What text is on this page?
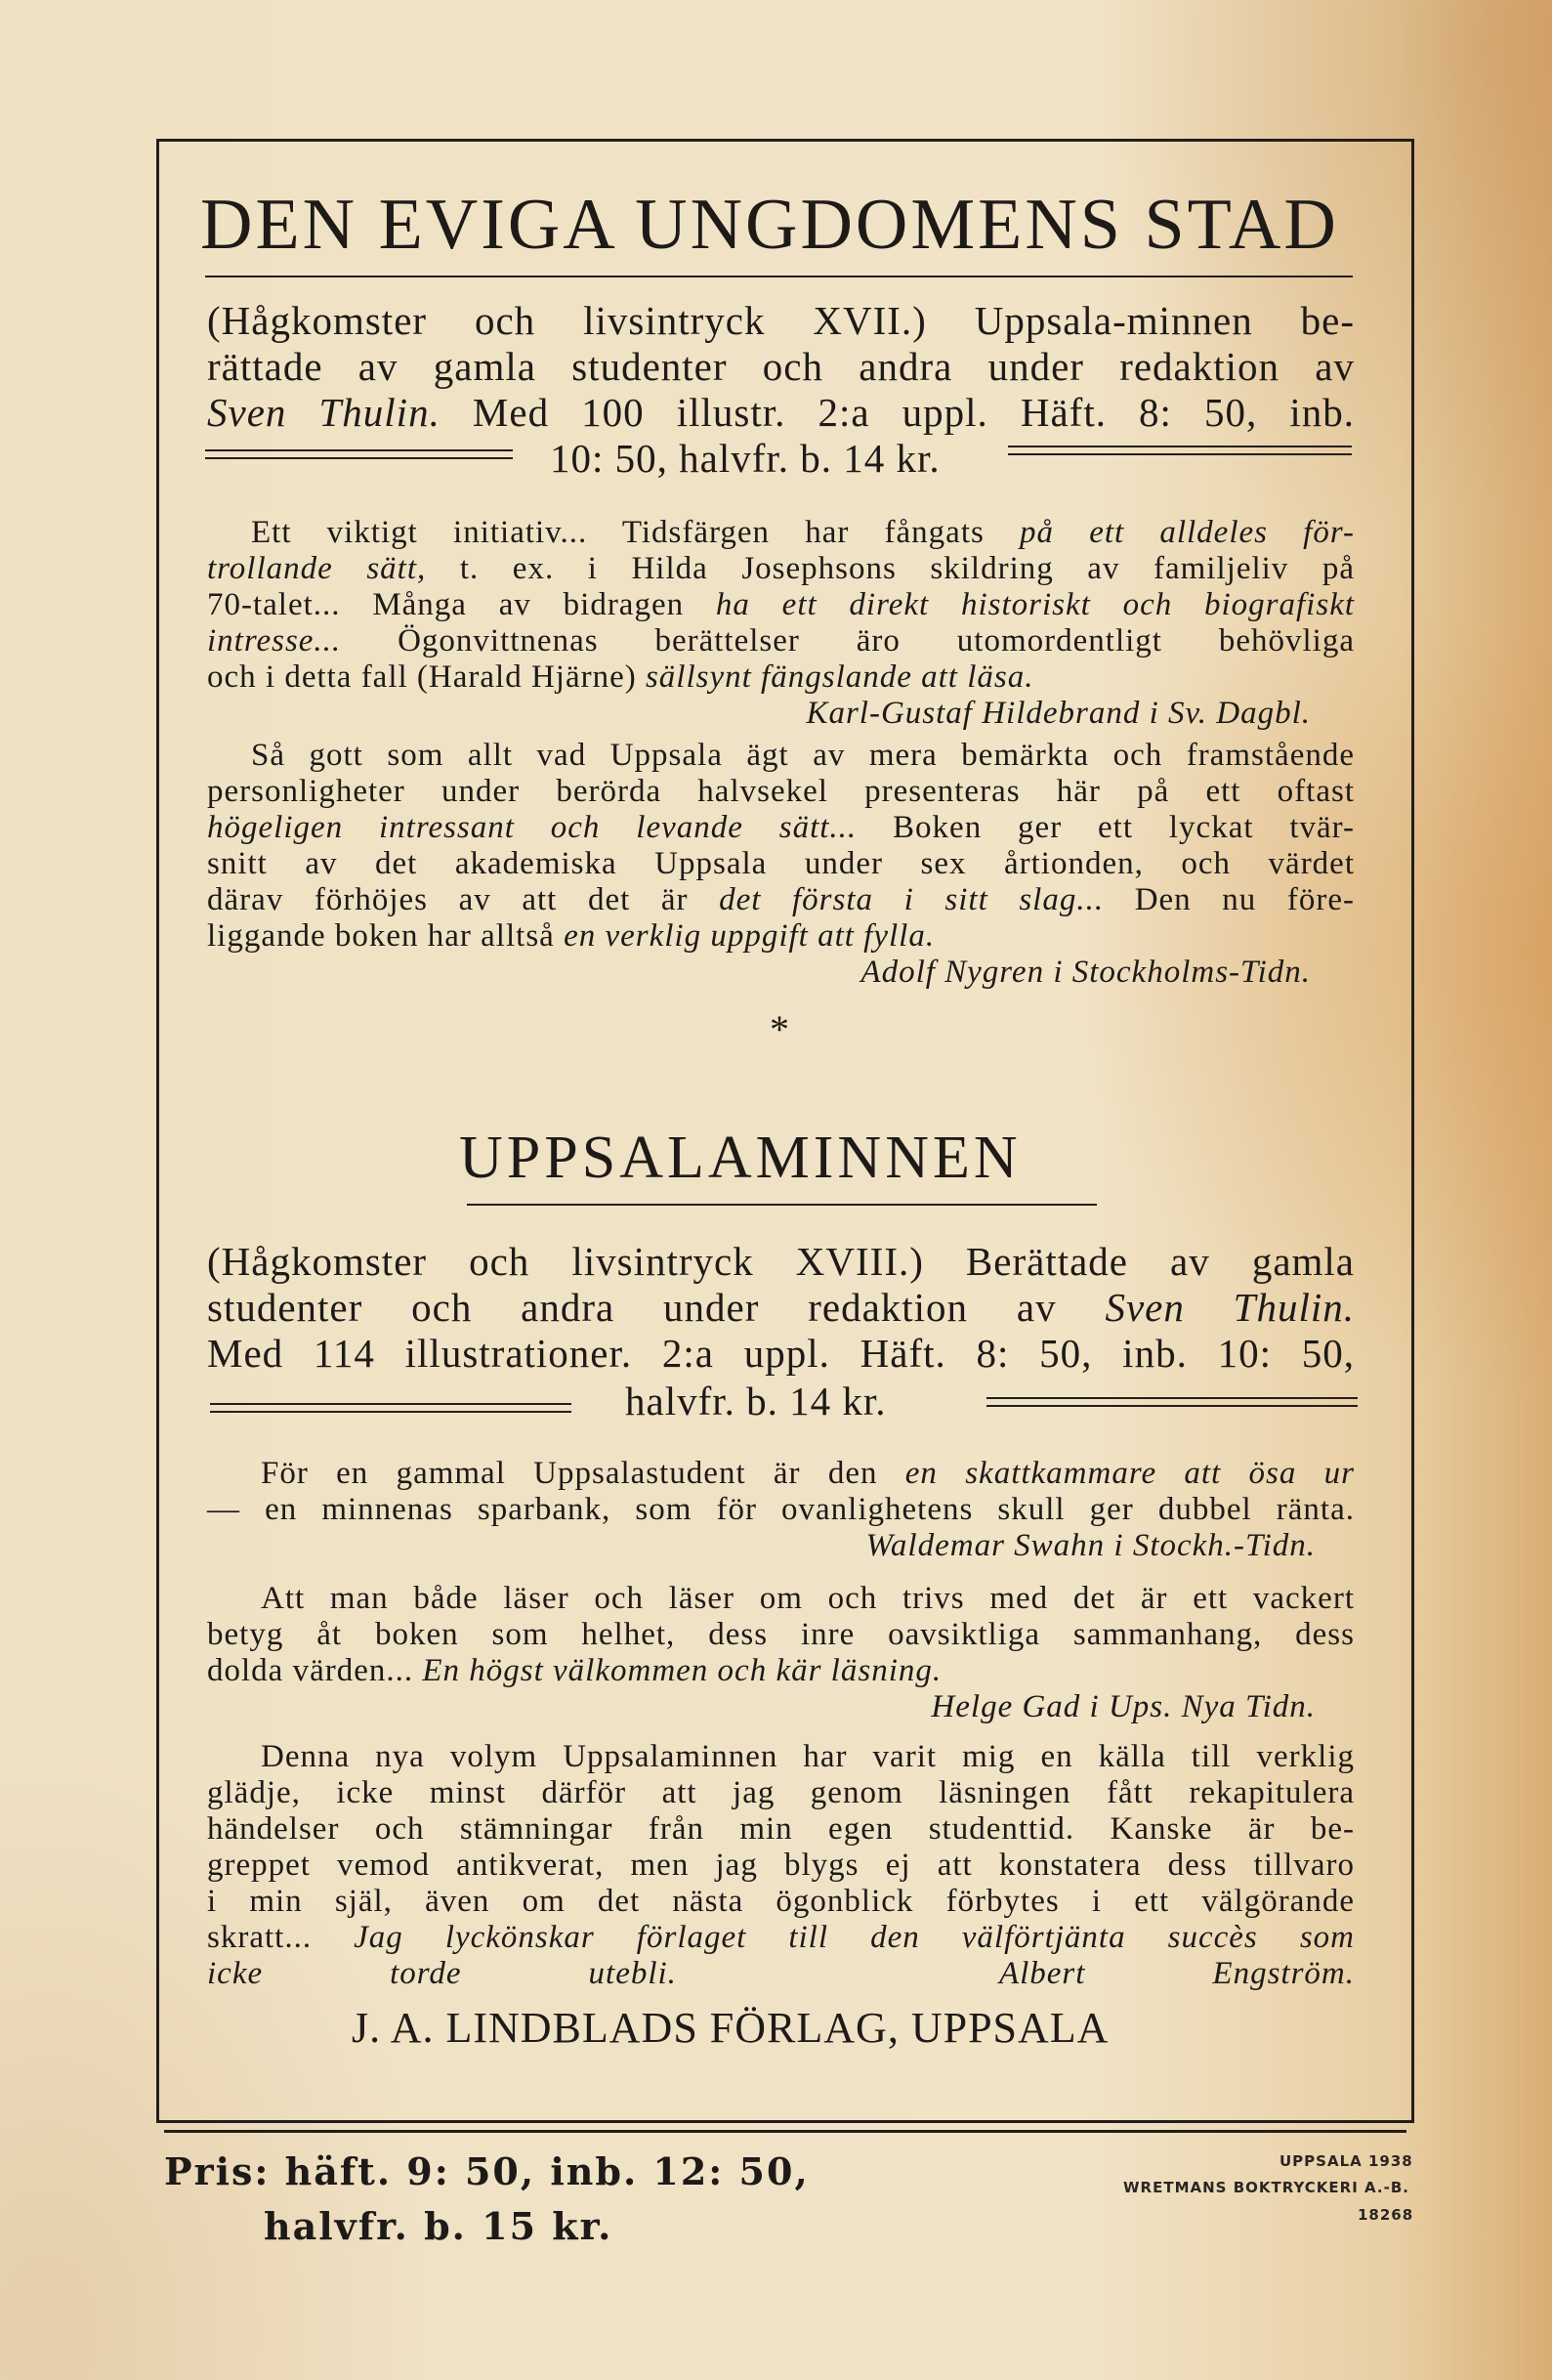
DEN EVIGA UNGDOMENS STAD
(Hågkomster och livsintryck XVII.) Uppsala-minnen be-
rättade av gamla studenter och andra under redaktion av
Sven Thulin. Med 100 illustr. 2:a uppl. Häft. 8: 50, inb.
10: 50, halvfr. b. 14 kr.
Ett viktigt initiativ... Tidsfärgen har fångats på ett alldeles för-
trollande sätt, t. ex. i Hilda Josephsons skildring av familjeliv på
70-talet... Många av bidragen ha ett direkt historiskt och biografiskt
intresse... Ögonvittnenas berättelser äro utomordentligt behövliga
och i detta fall (Harald Hjärne) sällsynt fängslande att läsa.
Karl-Gustaf Hildebrand i Sv. Dagbl.
Så gott som allt vad Uppsala ägt av mera bemärkta och framstående
personligheter under berörda halvsekel presenteras här på ett oftast
högeligen intressant och levande sätt... Boken ger ett lyckat tvär-
snitt av det akademiska Uppsala under sex årtionden, och värdet
därav förhöjes av att det är det första i sitt slag... Den nu före-
liggande boken har alltså en verklig uppgift att fylla.
Adolf Nygren i Stockholms-Tidn.
*
UPPSALAMINNEN
(Hågkomster och livsintryck XVIII.) Berättade av gamla
studenter och andra under redaktion av Sven Thulin.
Med 114 illustrationer. 2:a uppl. Häft. 8: 50, inb. 10: 50,
halvfr. b. 14 kr.
För en gammal Uppsalastudent är den en skattkammare att ösa ur
— en minnenas sparbank, som för ovanlighetens skull ger dubbel ränta.
Waldemar Swahn i Stockh.-Tidn.
Att man både läser och läser om och trivs med det är ett vackert
betyg åt boken som helhet, dess inre oavsiktliga sammanhang, dess
dolda värden... En högst välkommen och kär läsning.
Helge Gad i Ups. Nya Tidn.
Denna nya volym Uppsalaminnen har varit mig en källa till verklig
glädje, icke minst därför att jag genom läsningen fått rekapitulera
händelser och stämningar från min egen studenttid. Kanske är be-
greppet vemod antikverat, men jag blygs ej att konstatera dess tillvaro
i min själ, även om det nästa ögonblick förbytes i ett välgörande
skratt... Jag lyckönskar förlaget till den välförtjänta succès som
icke torde utebli.	Albert Engström.
J. A. LINDBLADS FÖRLAG, UPPSALA
Pris: häft. 9: 50, inb. 12: 50,
halvfr. b. 15 kr.
UPPSALA 1938
WRETMANS BOKTRYCKERI A.-B.
18268
